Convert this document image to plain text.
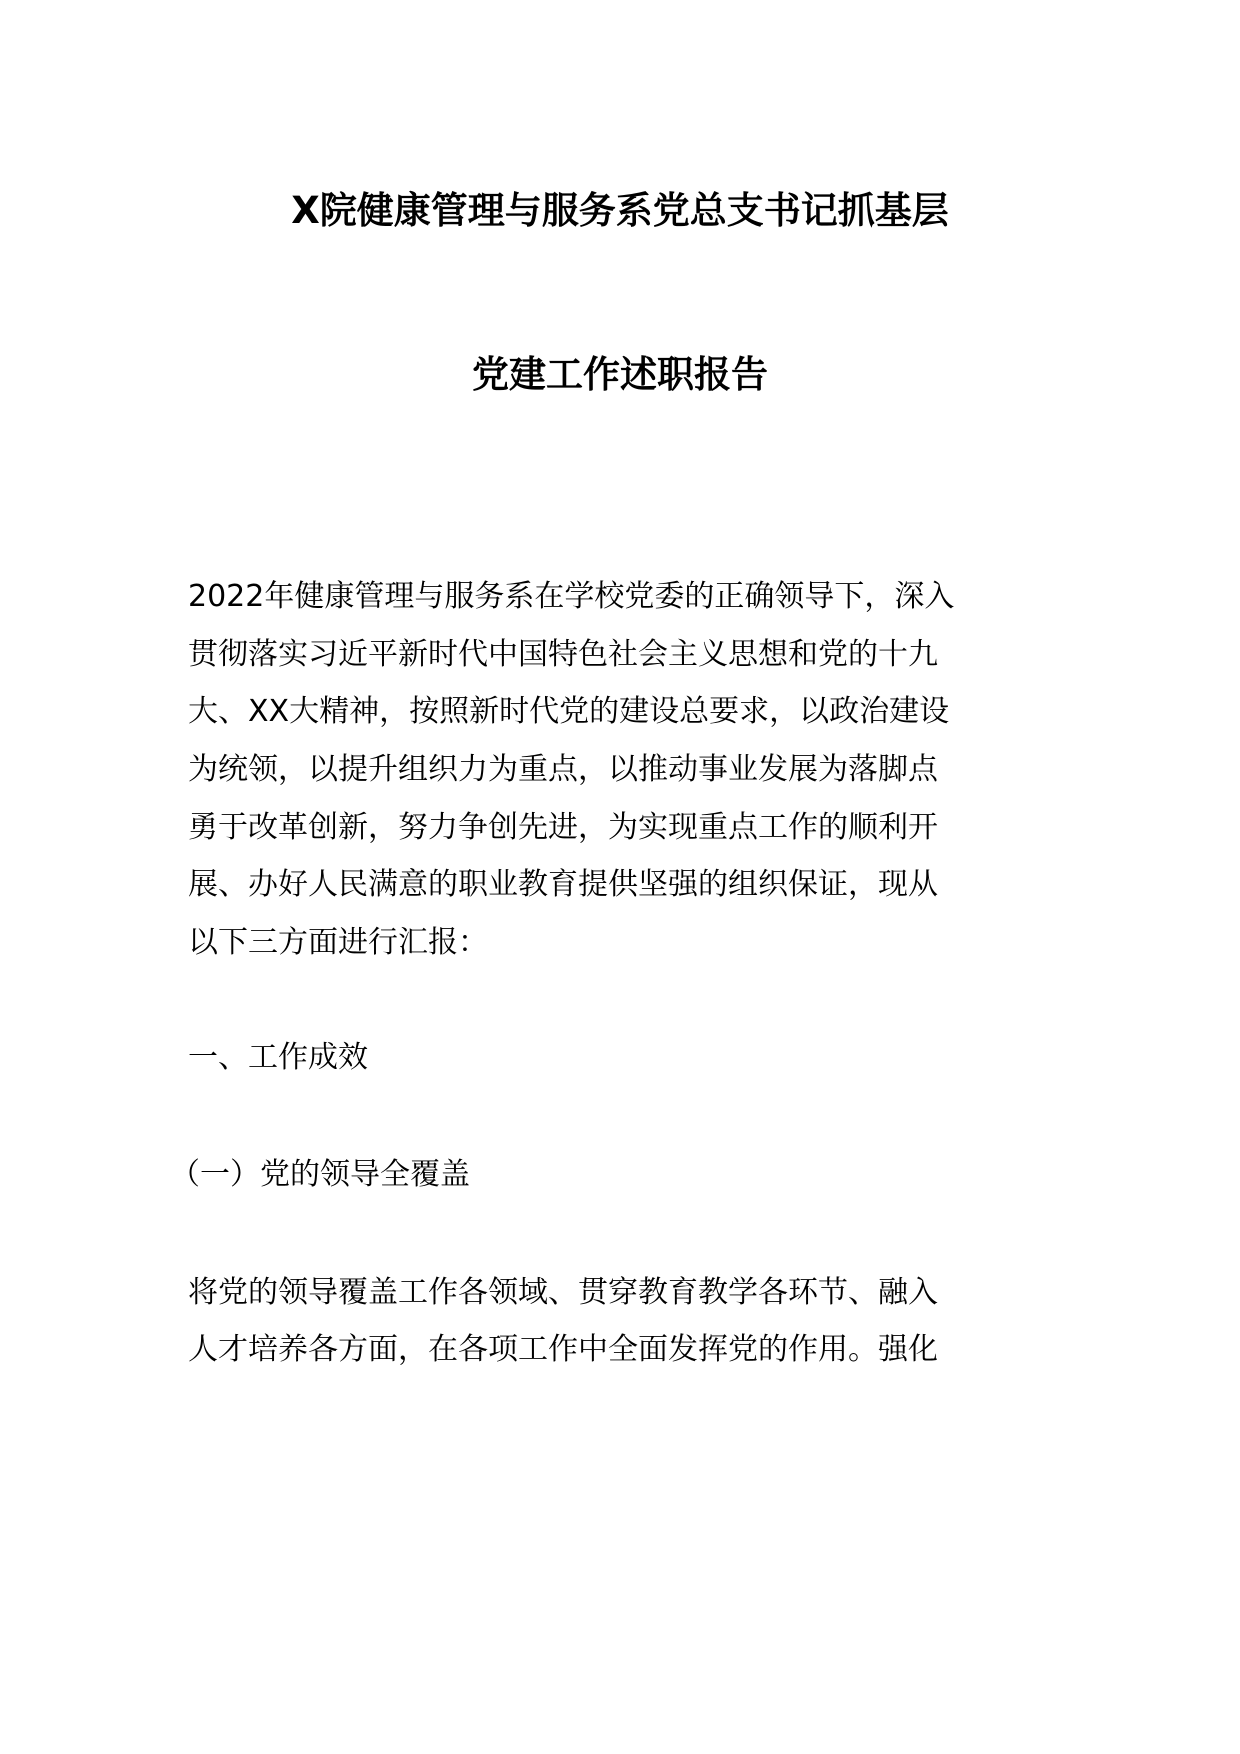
X院健康管理与服务系党总支书记抓基层
党建工作述职报告
2022年健康管理与服务系在学校党委的正确领导下，深入
贯彻落实习近平新时代中国特色社会主义思想和党的十九
大、XX大精神，按照新时代党的建设总要求，以政治建设
为统领，以提升组织力为重点，以推动事业发展为落脚点
勇于改革创新，努力争创先进，为实现重点工作的顺利开
展、办好人民满意的职业教育提供坚强的组织保证，现从
以下三方面进行汇报：
一、工作成效
（一）党的领导全覆盖
将党的领导覆盖工作各领域、贯穿教育教学各环节、融入
人才培养各方面，在各项工作中全面发挥党的作用。强化
